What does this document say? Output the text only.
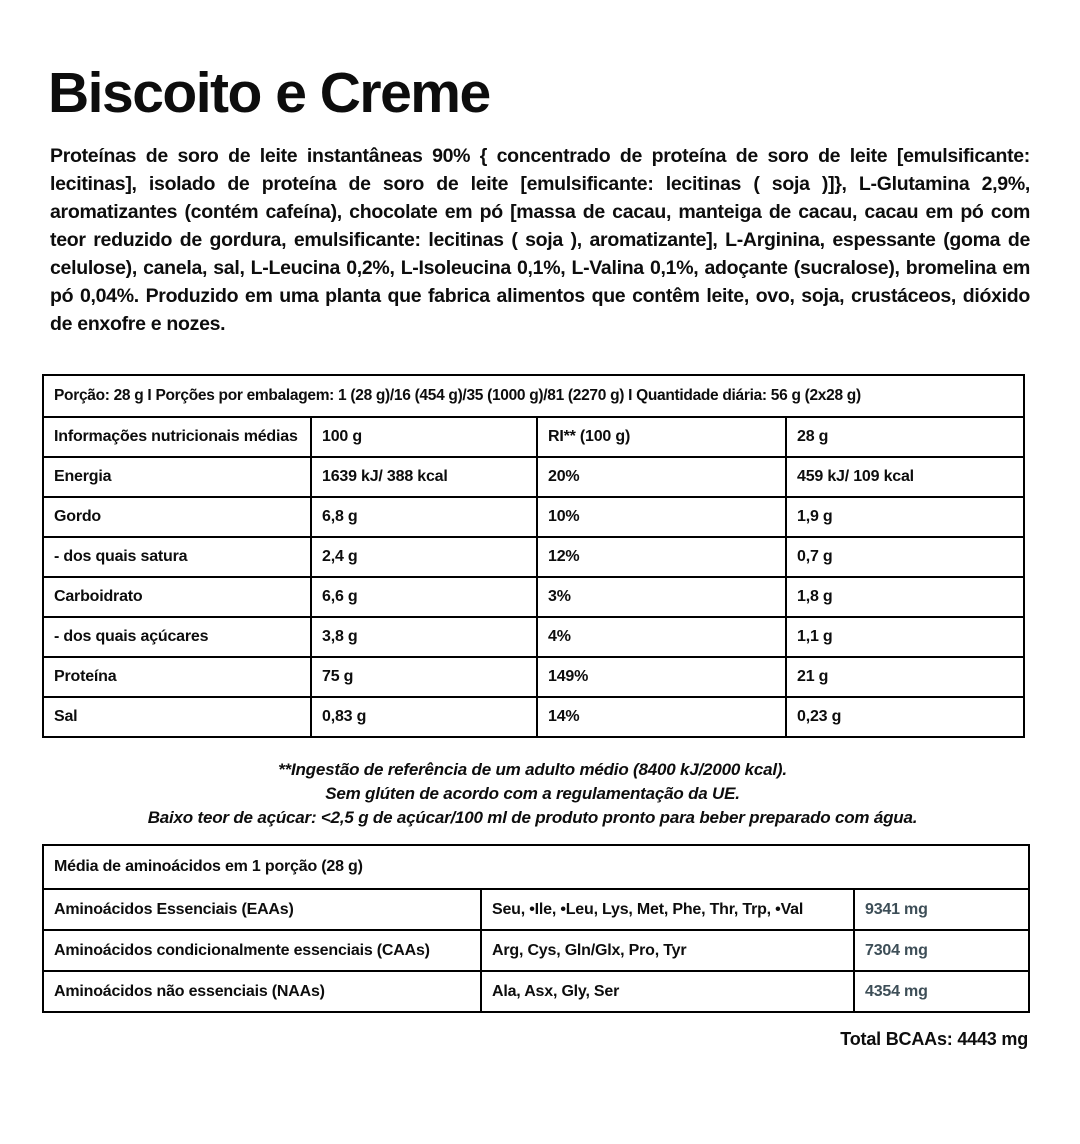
Biscoito e Creme

Proteínas de soro de leite instantâneas 90% { concentrado de proteína de soro de leite [emulsificante: lecitinas], isolado de proteína de soro de leite [emulsificante: lecitinas ( soja )]}, L-Glutamina 2,9%, aromatizantes (contém cafeína), chocolate em pó [massa de cacau, manteiga de cacau, cacau em pó com teor reduzido de gordura, emulsificante: lecitinas ( soja ), aromatizante], L-Arginina, espessante (goma de celulose), canela, sal, L-Leucina 0,2%, L-Isoleucina 0,1%, L-Valina 0,1%, adoçante (sucralose), bromelina em pó 0,04%. Produzido em uma planta que fabrica alimentos que contêm leite, ovo, soja, crustáceos, dióxido de enxofre e nozes.

Porção: 28 g I Porções por embalagem: 1 (28 g)/16 (454 g)/35 (1000 g)/81 (2270 g) I Quantidade diária: 56 g (2x28 g)			
Informações nutricionais médias	100 g	RI** (100 g)	28 g
Energia	1639 kJ/ 388 kcal	20%	459 kJ/ 109 kcal
Gordo	6,8 g	10%	1,9 g
- dos quais satura	2,4 g	12%	0,7 g
Carboidrato	6,6 g	3%	1,8 g
- dos quais açúcares	3,8 g	4%	1,1 g
Proteína	75 g	149%	21 g
Sal	0,83 g	14%	0,23 g

**Ingestão de referência de um adulto médio (8400 kJ/2000 kcal).

Sem glúten de acordo com a regulamentação da UE.

Baixo teor de açúcar: <2,5 g de açúcar/100 ml de produto pronto para beber preparado com água.

Média de aminoácidos em 1 porção (28 g)		
Aminoácidos Essenciais (EAAs)	Seu, •Ile, •Leu, Lys, Met, Phe, Thr, Trp, •Val	9341 mg
Aminoácidos condicionalmente essenciais (CAAs)	Arg, Cys, Gln/Glx, Pro, Tyr	7304 mg
Aminoácidos não essenciais (NAAs)	Ala, Asx, Gly, Ser	4354 mg

Total BCAAs: 4443 mg
